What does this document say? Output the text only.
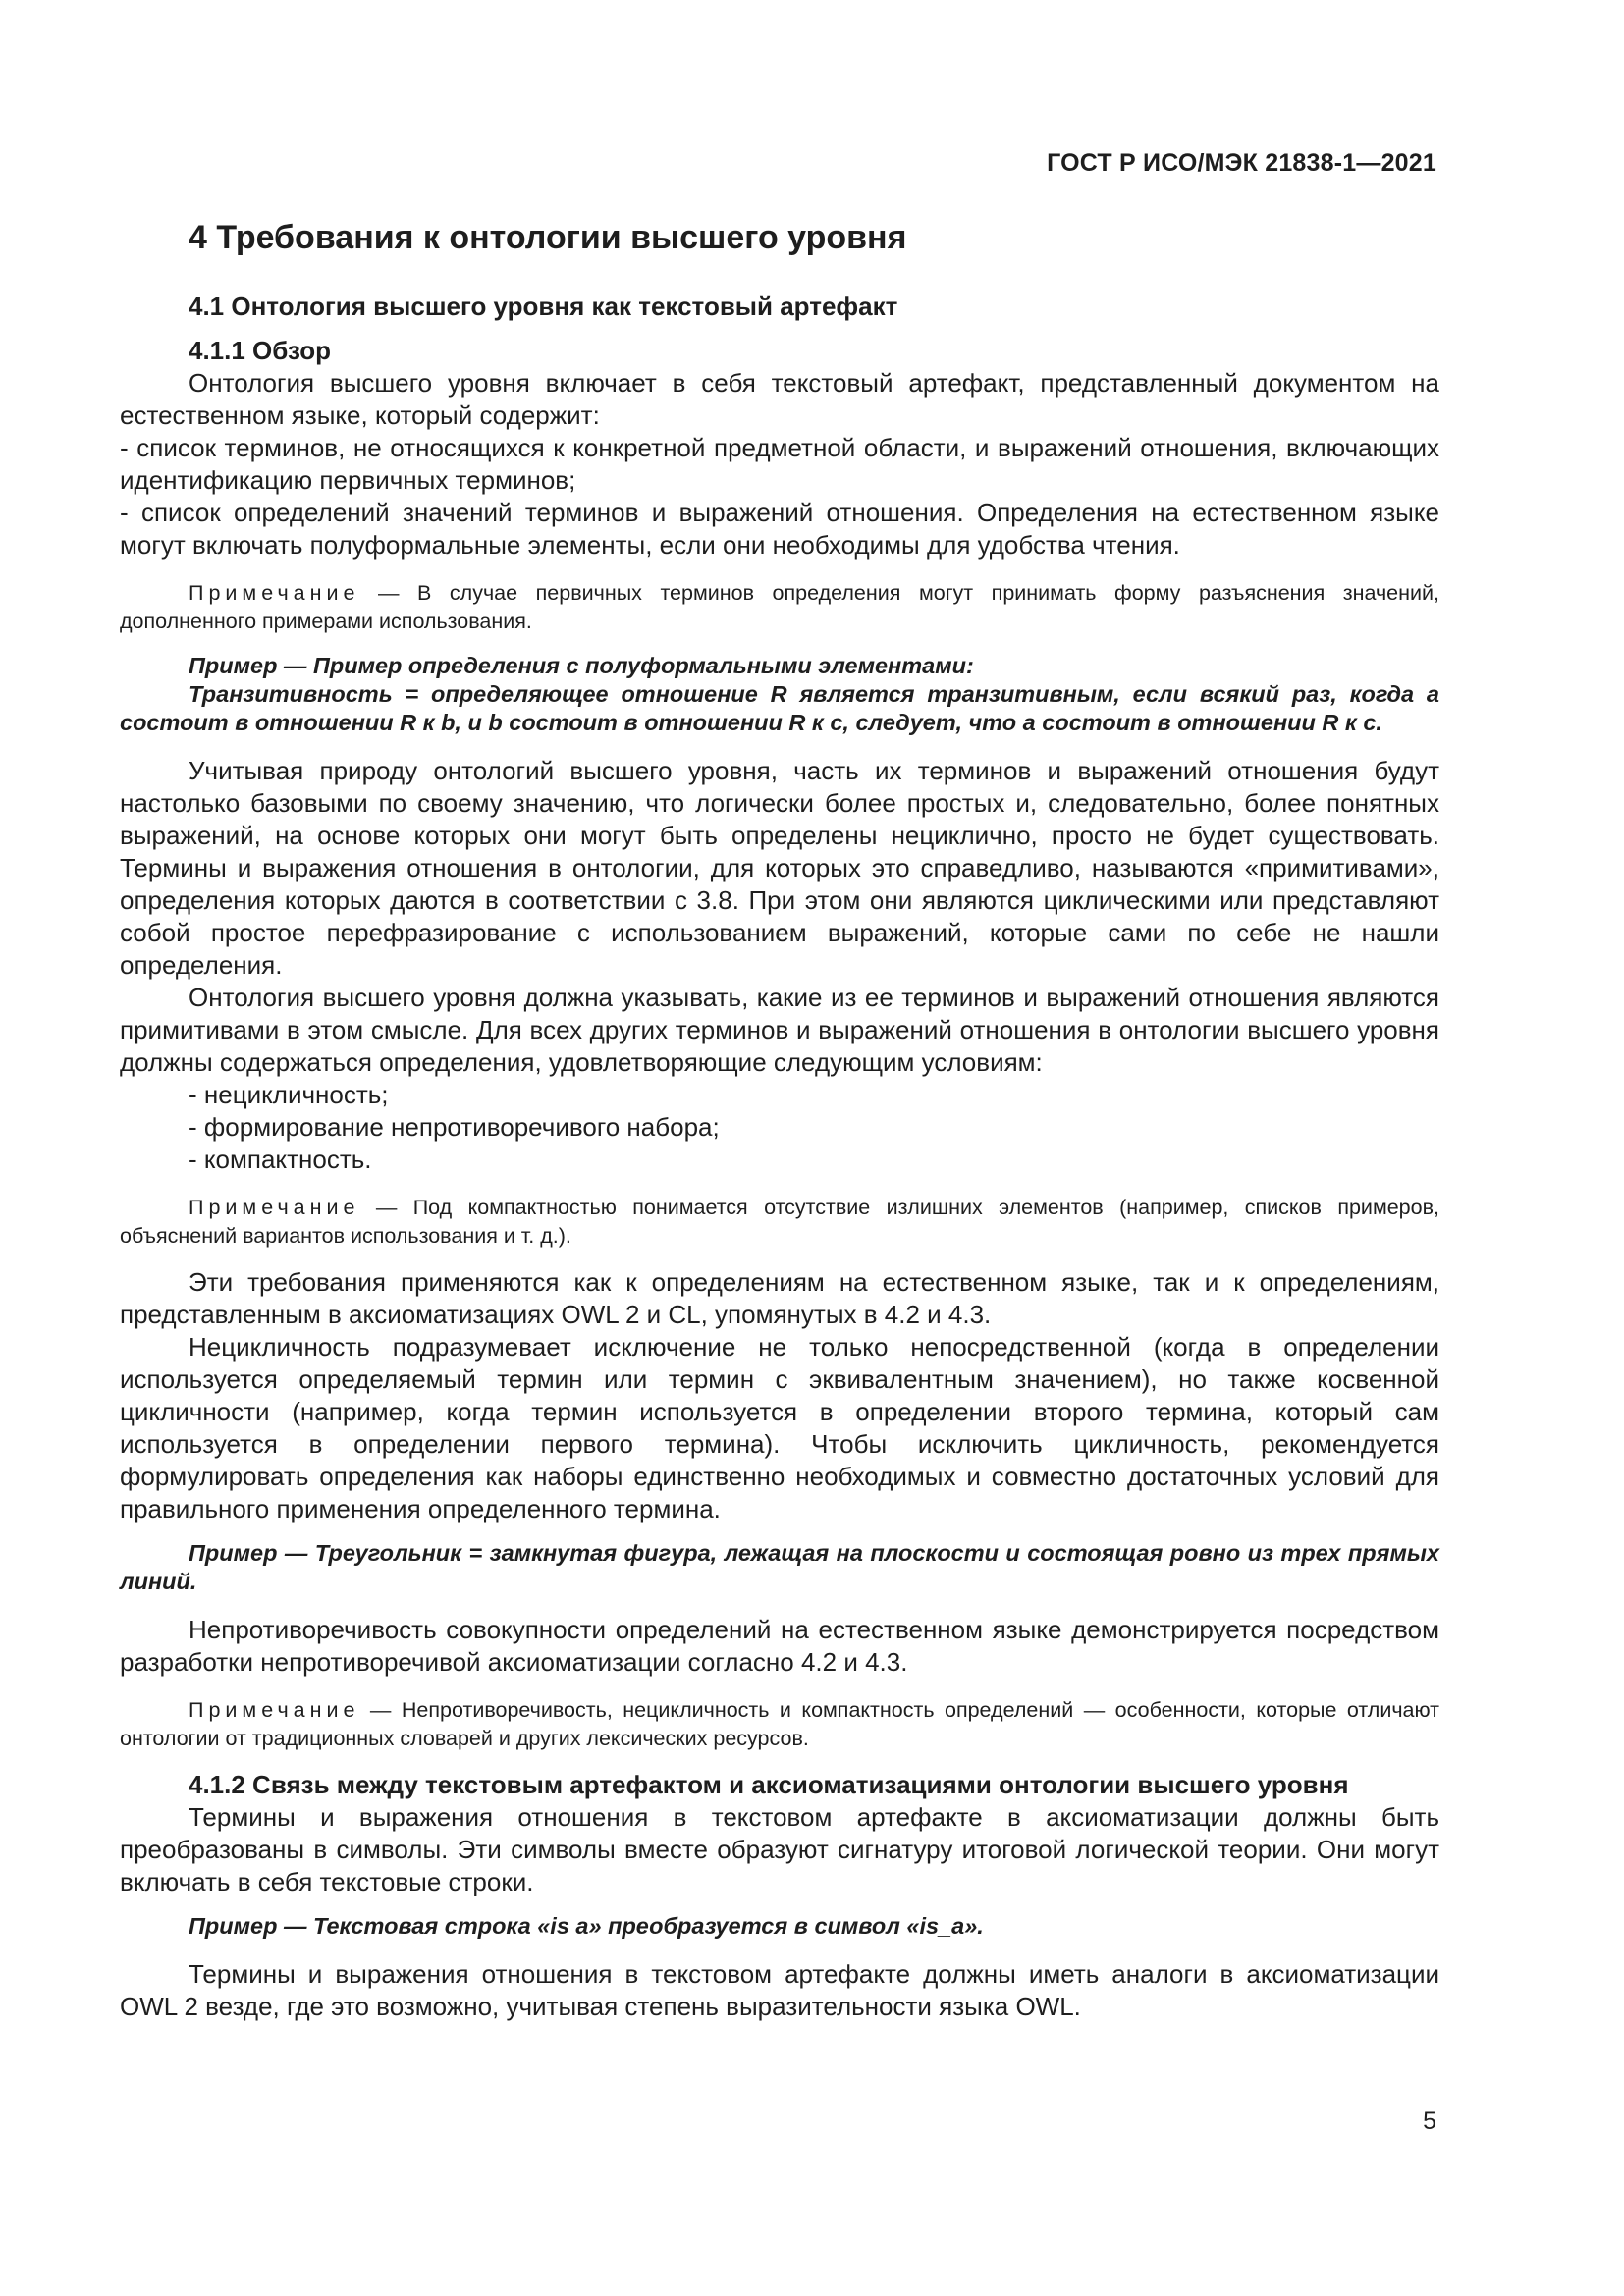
ГОСТ Р ИСО/МЭК 21838-1—2021
4 Требования к онтологии высшего уровня
4.1 Онтология высшего уровня как текстовый артефакт
4.1.1 Обзор

Онтология высшего уровня включает в себя текстовый артефакт, представленный документом на естественном языке, который содержит:

- список терминов, не относящихся к конкретной предметной области, и выражений отношения, включающих идентификацию первичных терминов;

- список определений значений терминов и выражений отношения. Определения на естественном языке могут включать полуформальные элементы, если они необходимы для удобства чтения.

Примечание — В случае первичных терминов определения могут принимать форму разъяснения значений, дополненного примерами использования.
Пример — Пример определения с полуформальными элементами:
Транзитивность = определяющее отношение R является транзитивным, если всякий раз, когда a состоит в отношении R к b, и b состоит в отношении R к c, следует, что a состоит в отношении R к c.

Учитывая природу онтологий высшего уровня, часть их терминов и выражений отношения будут настолько базовыми по своему значению, что логически более простых и, следовательно, более понятных выражений, на основе которых они могут быть определены нециклично, просто не будет существовать. Термины и выражения отношения в онтологии, для которых это справедливо, называются «примитивами», определения которых даются в соответствии с 3.8. При этом они являются циклическими или представляют собой простое перефразирование с использованием выражений, которые сами по себе не нашли определения.

Онтология высшего уровня должна указывать, какие из ее терминов и выражений отношения являются примитивами в этом смысле. Для всех других терминов и выражений отношения в онтологии высшего уровня должны содержаться определения, удовлетворяющие следующим условиям:

- нецикличность;

- формирование непротиворечивого набора;

- компактность.

Примечание — Под компактностью понимается отсутствие излишних элементов (например, списков примеров, объяснений вариантов использования и т. д.).

Эти требования применяются как к определениям на естественном языке, так и к определениям, представленным в аксиоматизациях OWL 2 и CL, упомянутых в 4.2 и 4.3.

Нецикличность подразумевает исключение не только непосредственной (когда в определении используется определяемый термин или термин с эквивалентным значением), но также косвенной цикличности (например, когда термин используется в определении второго термина, который сам используется в определении первого термина). Чтобы исключить цикличность, рекомендуется формулировать определения как наборы единственно необходимых и совместно достаточных условий для правильного применения определенного термина.

Пример — Треугольник = замкнутая фигура, лежащая на плоскости и состоящая ровно из трех прямых линий.

Непротиворечивость совокупности определений на естественном языке демонстрируется посредством разработки непротиворечивой аксиоматизации согласно 4.2 и 4.3.

Примечание — Непротиворечивость, нецикличность и компактность определений — особенности, которые отличают онтологии от традиционных словарей и других лексических ресурсов.
4.1.2 Связь между текстовым артефактом и аксиоматизациями онтологии высшего уровня

Термины и выражения отношения в текстовом артефакте в аксиоматизации должны быть преобразованы в символы. Эти символы вместе образуют сигнатуру итоговой логической теории. Они могут включать в себя текстовые строки.

Пример — Текстовая строка «is a» преобразуется в символ «is_a».

Термины и выражения отношения в текстовом артефакте должны иметь аналоги в аксиоматизации OWL 2 везде, где это возможно, учитывая степень выразительности языка OWL.

5
